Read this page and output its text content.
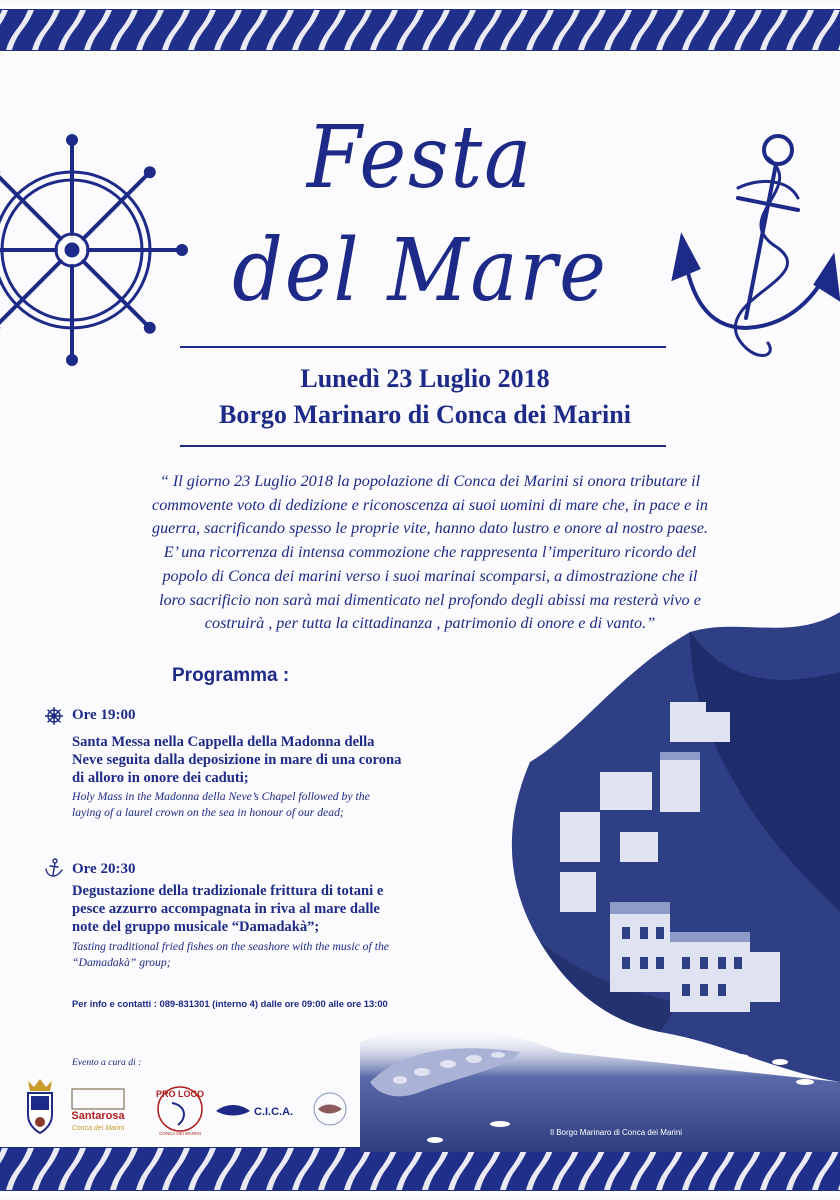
Il Borgo Marinaro di Conca dei Marini

Festa
del Mare

Lunedì 23 Luglio 2018

Borgo Marinaro di Conca dei Marini

“ Il giorno 23 Luglio 2018 la popolazione di Conca dei Marini si onora tributare il
commovente voto di dedizione e riconoscenza ai suoi uomini di mare che, in pace e in
guerra, sacrificando spesso le proprie vite, hanno dato lustro e onore al nostro paese.
E’ una ricorrenza di intensa commozione che rappresenta l’imperituro ricordo del
popolo di Conca dei marini verso i suoi marinai scomparsi, a dimostrazione che il
loro sacrificio non sarà mai dimenticato nel profondo degli abissi ma resterà vivo e
costruirà , per tutta la cittadinanza , patrimonio di onore e di vanto.”

Programma :

Ore 19:00

Santa Messa nella Cappella della Madonna della
Neve seguita dalla deposizione in mare di una corona
di alloro in onore dei caduti;

Holy Mass in the Madonna della Neve’s Chapel followed by the
laying of a laurel crown on the sea in honour of our dead;

Ore 20:30

Degustazione della tradizionale frittura di totani e
pesce azzurro accompagnata in riva al mare dalle
note del gruppo musicale “Damadakà”;

Tasting traditional fried fishes on the seashore with the music of the
“Damadakà” group;

Per info e contatti : 089-831301 (interno 4) dalle ore 09:00 alle ore 13:00

Evento a cura di :

Santarosa
Conca dei Marini
PRO LOCO
CONCA DEI MARINI
C.I.C.A.
